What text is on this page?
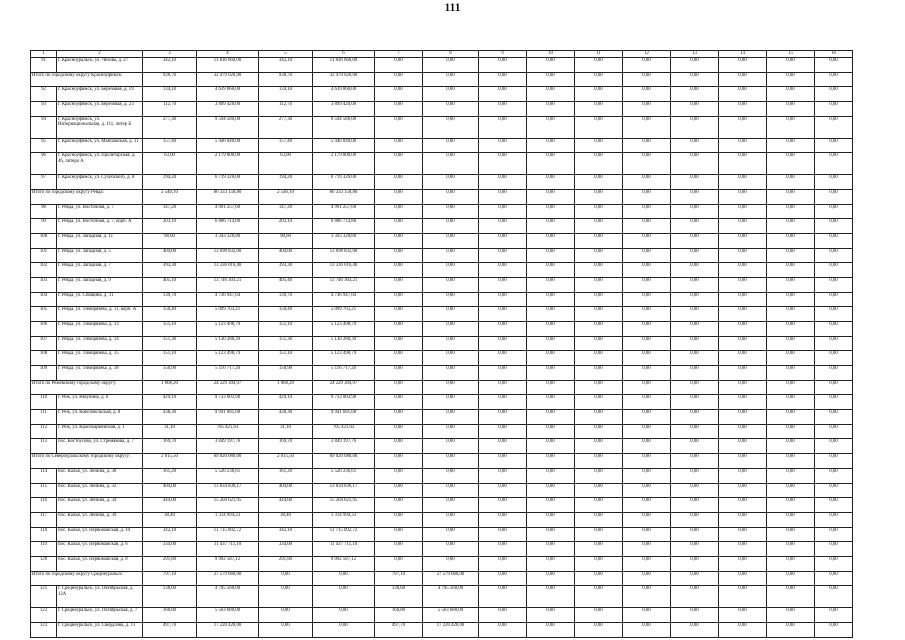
111
1	2	3	4	5	6	7	8	9	10	11	12	13	14	15	16
91	г. Красноуральск, ул. Чехова, д. 27	342,10	11 836 660,00	342,10	11 836 660,00	0,00	0,00	0,00	0,00	0,00	0,00	0,00	0,00	0,00	0,00
Итого по городскому округу Красноуфимск:		938,70	32 479 020,00	938,70	32 479 020,00	0,00	0,00	0,00	0,00	0,00	0,00	0,00	0,00	0,00	0,00
92	г. Красноуфимск, ул. Березовая, д. 19	134,10	4 639 860,00	134,10	4 639 860,00	0,00	0,00	0,00	0,00	0,00	0,00	0,00	0,00	0,00	0,00
93	г. Красноуфимск, ул. Березовая, д. 23	112,70	3 899 420,00	112,70	3 899 420,00	0,00	0,00	0,00	0,00	0,00	0,00	0,00	0,00	0,00	0,00
94	г. Красноуфимск, ул. Интернациональная, д. 111, литер Б	277,30	9 594 580,00	277,30	9 594 580,00	0,00	0,00	0,00	0,00	0,00	0,00	0,00	0,00	0,00	0,00
95	г. Красноуфимск, ул. Манчажская, д. 11	157,40	5 446 040,00	157,40	5 446 040,00	0,00	0,00	0,00	0,00	0,00	0,00	0,00	0,00	0,00	0,00
96	г. Красноуфимск, ул. Пролетарская, д. 46, литера А	63,00	2 179 800,00	63,00	2 179 800,00	0,00	0,00	0,00	0,00	0,00	0,00	0,00	0,00	0,00	0,00
97	г. Красноуфимск, ул. Сухобского, д. 8	194,20	6 719 320,00	194,20	6 719 320,00	0,00	0,00	0,00	0,00	0,00	0,00	0,00	0,00	0,00	0,00
Итого по городскому округу Ревда:		2 546,10	86 333 158,80	2 546,10	86 333 158,80	0,00	0,00	0,00	0,00	0,00	0,00	0,00	0,00	0,00	0,00
98	г. Ревда, ул. Восточная, д. 7	147,20	4 991 257,60	147,20	4 991 257,60	0,00	0,00	0,00	0,00	0,00	0,00	0,00	0,00	0,00	0,00
99	г. Ревда, ул. Восточная, д. 7, корп. А	203,10	6 886 714,80	203,10	6 886 714,80	0,00	0,00	0,00	0,00	0,00	0,00	0,00	0,00	0,00	0,00
100	г. Ревда, ул. Западная, д. 11	98,60	3 343 328,80	98,60	3 343 328,80	0,00	0,00	0,00	0,00	0,00	0,00	0,00	0,00	0,00	0,00
101	г. Ревда, ул. Западная, д. 5	404,00	13 698 832,00	404,00	13 698 832,00	0,00	0,00	0,00	0,00	0,00	0,00	0,00	0,00	0,00	0,00
102	г. Ревда, ул. Западная, д. 7	393,30	13 336 016,40	393,30	13 336 016,40	0,00	0,00	0,00	0,00	0,00	0,00	0,00	0,00	0,00	0,00
103	г. Ревда, ул. Западная, д. 9	405,10	13 746 303,21	405,40	13 746 303,21	0,00	0,00	0,00	0,00	0,00	0,00	0,00	0,00	0,00	0,00
104	г. Ревда, ул. Спящина, д. 11	139,70	4 736 947,64	139,70	4 736 947,64	0,00	0,00	0,00	0,00	0,00	0,00	0,00	0,00	0,00	0,00
105	г. Ревда, ул. Тимирязева, д. 11, корп. А	150,40	5 099 763,21	150,40	5 099 763,21	0,00	0,00	0,00	0,00	0,00	0,00	0,00	0,00	0,00	0,00
106	г. Ревда, ул. Тимирязева, д. 13	151,10	5 123 498,79	151,10	5 123 498,79	0,00	0,00	0,00	0,00	0,00	0,00	0,00	0,00	0,00	0,00
107	г. Ревда, ул. Тимирязева, д. 14	151,30	5 130 280,39	151,30	5 130 280,39	0,00	0,00	0,00	0,00	0,00	0,00	0,00	0,00	0,00	0,00
108	г. Ревда, ул. Тимирязева, д. 15	151,10	5 123 498,79	151,10	5 123 498,79	0,00	0,00	0,00	0,00	0,00	0,00	0,00	0,00	0,00	0,00
109	г. Ревда, ул. Тимирязева, д. 18	150,90	5 116 717,20	150,90	5 116 717,20	0,00	0,00	0,00	0,00	0,00	0,00	0,00	0,00	0,00	0,00
Итого по Режевскому городскому округу:		1 068,20	24 229 304,97	1 068,20	24 229 304,97	0,00	0,00	0,00	0,00	0,00	0,00	0,00	0,00	0,00	0,00
110	г. Реж, ул. Вязупина, д. 6	429,10	9 733 003,90	429,10	9 733 003,90	0,00	0,00	0,00	0,00	0,00	0,00	0,00	0,00	0,00	0,00
111	г. Реж, ул. Комсомольская, д. 8	438,30	9 941 681,68	438,30	9 941 681,68	0,00	0,00	0,00	0,00	0,00	0,00	0,00	0,00	0,00	0,00
112	г. Реж, ул. Красноармейская, д. 1	31,10	705 421,63	31,10	705 421,63	0,00	0,00	0,00	0,00	0,00	0,00	0,00	0,00	0,00	0,00
113	пос. Костоусово, ул. Стремякова, д. 7	169,70	3 849 197,76	169,70	3 849 197,76	0,00	0,00	0,00	0,00	0,00	0,00	0,00	0,00	0,00	0,00
Итого по Североуральскому городскому округу:		2 015,50	69 020 080,00	2 015,50	69 020 080,00	0,00	0,00	0,00	0,00	0,00	0,00	0,00	0,00	0,00	0,00
114	пос. Калья, ул. Ленина, д. 30	161,20	5 520 236,61	161,20	5 520 236,61	0,00	0,00	0,00	0,00	0,00	0,00	0,00	0,00	0,00	0,00
115	пос. Калья, ул. Ленина, д. 32	404,00	13 834 836,17	404,00	13 834 836,17	0,00	0,00	0,00	0,00	0,00	0,00	0,00	0,00	0,00	0,00
116	пос. Калья, ул. Ленина, д. 34	444,00	15 204 621,95	444,00	15 204 621,95	0,00	0,00	0,00	0,00	0,00	0,00	0,00	0,00	0,00	0,00
117	пос. Калья, ул. Ленина, д. 39	38,40	1 314 994,33	38,40	1 314 994,33	0,00	0,00	0,00	0,00	0,00	0,00	0,00	0,00	0,00	0,00
118	пос. Калья, ул. Первомайская, д. 10	342,10	11 715 092,72	342,10	11 715 092,72	0,00	0,00	0,00	0,00	0,00	0,00	0,00	0,00	0,00	0,00
119	пос. Калья, ул. Первомайская, д. 6	334,00	11 437 711,10	334,00	11 437 711,10	0,00	0,00	0,00	0,00	0,00	0,00	0,00	0,00	0,00	0,00
120	пос. Калья, ул. Первомайская, д. 8	291,80	9 992 587,12	291,80	9 992 587,12	0,00	0,00	0,00	0,00	0,00	0,00	0,00	0,00	0,00	0,00
Итого по городскому округу Среднеуральск:		797,10	27 579 660,00	0,00	0,00	797,10	27 579 660,00	0,00	0,00	0,00	0,00	0,00	0,00	0,00	0,00
121	г. Среднеуральск, ул. Октябрьская, д. 12А	138,60	4 795 560,00	0,00	0,00	138,60	4 795 560,00	0,00	0,00	0,00	0,00	0,00	0,00	0,00	0,00
122	г. Среднеуральск, ул. Октябрьская, д. 7	160,80	5 563 680,00	0,00	0,00	160,80	5 563 680,00	0,00	0,00	0,00	0,00	0,00	0,00	0,00	0,00
123	г. Среднеуральск, ул. Свердлова, д. 11	497,70	17 220 420,00	0,00	0,00	497,70	17 220 420,00	0,00	0,00	0,00	0,00	0,00	0,00	0,00	0,00
